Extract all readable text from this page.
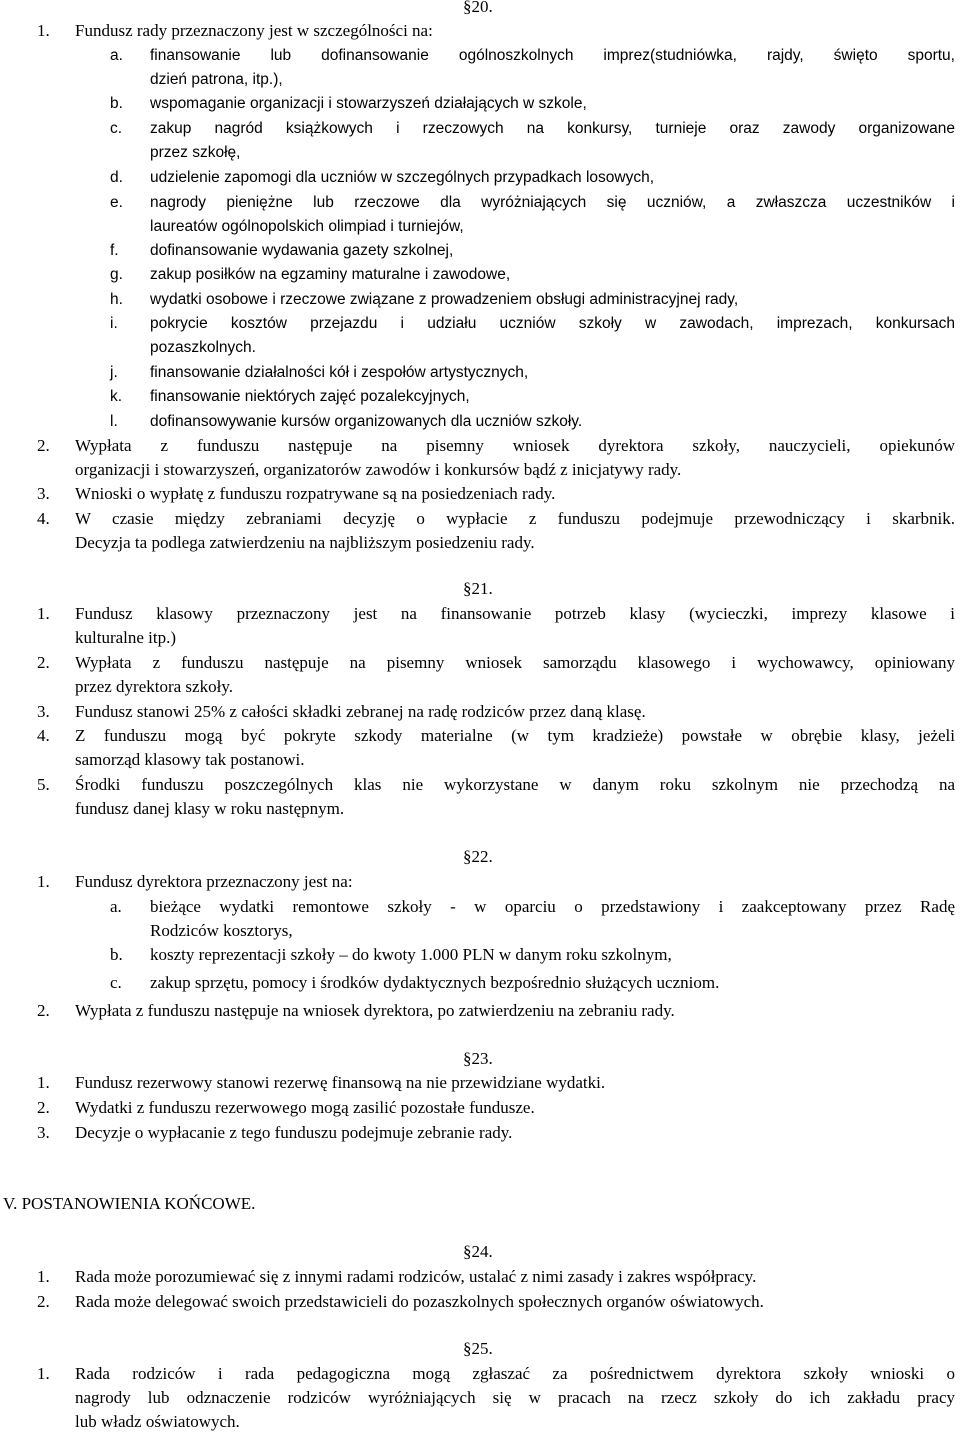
§20.
1. Fundusz rady przeznaczony jest w szczególności na:
a. finansowanie lub dofinansowanie ogólnoszkolnych imprez(studniówka, rajdy, święto sportu,
dzień patrona, itp.),
b. wspomaganie organizacji i stowarzyszeń działających w szkole,
c. zakup nagród książkowych i rzeczowych na konkursy, turnieje oraz zawody organizowane
przez szkołę,
d. udzielenie zapomogi dla uczniów w szczególnych przypadkach losowych,
e. nagrody pieniężne lub rzeczowe dla wyróżniających się uczniów, a zwłaszcza uczestników i
laureatów ogólnopolskich olimpiad i turniejów,
f. dofinansowanie wydawania gazety szkolnej,
g. zakup posiłków na egzaminy maturalne i zawodowe,
h. wydatki osobowe i rzeczowe związane z prowadzeniem obsługi administracyjnej rady,
i. pokrycie kosztów przejazdu i udziału uczniów szkoły w zawodach, imprezach, konkursach
pozaszkolnych.
j. finansowanie działalności kół i zespołów artystycznych,
k. finansowanie niektórych zajęć pozalekcyjnych,
l. dofinansowywanie kursów organizowanych dla uczniów szkoły.
2. Wypłata z funduszu następuje na pisemny wniosek dyrektora szkoły, nauczycieli, opiekunów
organizacji i stowarzyszeń, organizatorów zawodów i konkursów bądź z inicjatywy rady.
3. Wnioski o wypłatę z funduszu rozpatrywane są na posiedzeniach rady.
4. W czasie między zebraniami decyzję o wypłacie z funduszu podejmuje przewodniczący i skarbnik.
Decyzja ta podlega zatwierdzeniu na najbliższym posiedzeniu rady.
§21.
1. Fundusz klasowy przeznaczony jest na finansowanie potrzeb klasy (wycieczki, imprezy klasowe i
kulturalne itp.)
2. Wypłata z funduszu następuje na pisemny wniosek samorządu klasowego i wychowawcy, opiniowany
przez dyrektora szkoły.
3. Fundusz stanowi 25% z całości składki zebranej na radę rodziców przez daną klasę.
4. Z funduszu mogą być pokryte szkody materialne (w tym kradzieże) powstałe w obrębie klasy, jeżeli
samorząd klasowy tak postanowi.
5. Środki funduszu poszczególnych klas nie wykorzystane w danym roku szkolnym nie przechodzą na
fundusz danej klasy w roku następnym.
§22.
1. Fundusz dyrektora przeznaczony jest na:
a. bieżące wydatki remontowe szkoły - w oparciu o przedstawiony i zaakceptowany przez Radę
Rodziców kosztorys,
b. koszty reprezentacji szkoły – do kwoty 1.000 PLN w danym roku szkolnym,
c. zakup sprzętu, pomocy i środków dydaktycznych bezpośrednio służących uczniom.
2. Wypłata z funduszu następuje na wniosek dyrektora, po zatwierdzeniu na zebraniu rady.
§23.
1. Fundusz rezerwowy stanowi rezerwę finansową na nie przewidziane wydatki.
2. Wydatki z funduszu rezerwowego mogą zasilić pozostałe fundusze.
3. Decyzje o wypłacanie z tego funduszu podejmuje zebranie rady.
V. POSTANOWIENIA KOŃCOWE.
§24.
1. Rada może porozumiewać się z innymi radami rodziców, ustalać z nimi zasady i zakres współpracy.
2. Rada może delegować swoich przedstawicieli do pozaszkolnych społecznych organów oświatowych.
§25.
1. Rada rodziców i rada pedagogiczna mogą zgłaszać za pośrednictwem dyrektora szkoły wnioski o
nagrody lub odznaczenie rodziców wyróżniających się w pracach na rzecz szkoły do ich zakładu pracy
lub władz oświatowych.
